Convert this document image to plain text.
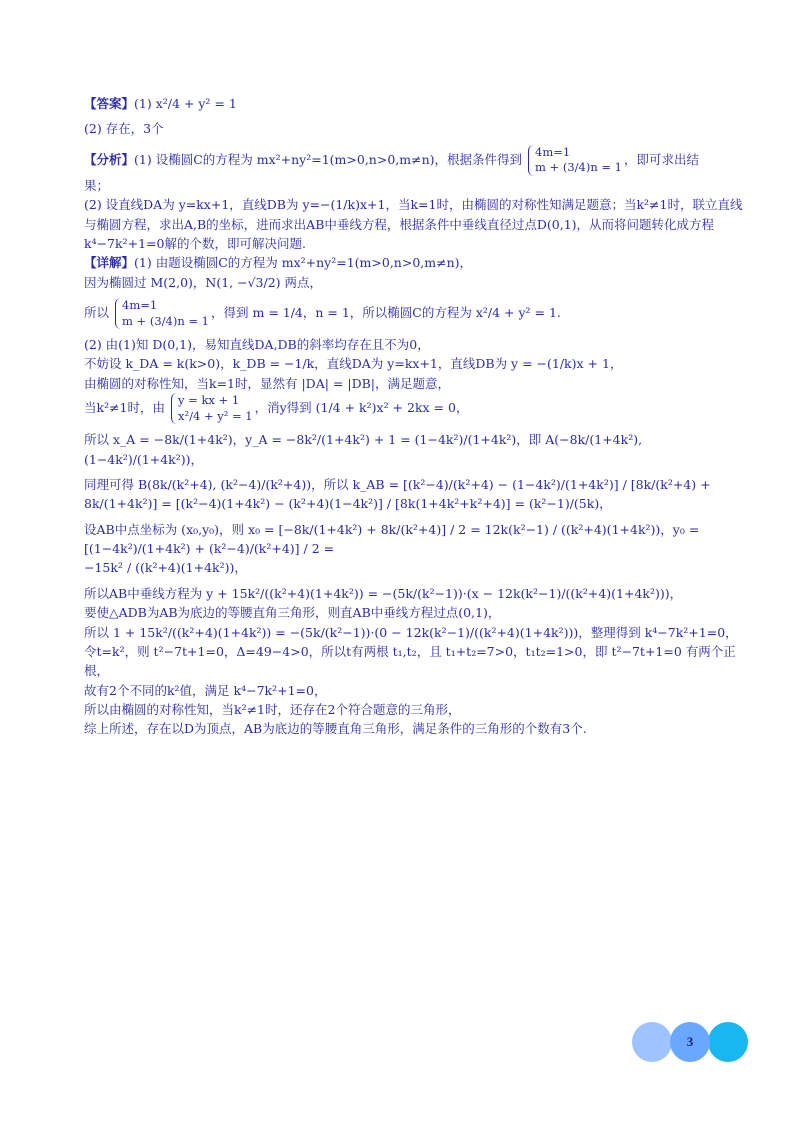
【答案】(1) x²/4 + y² = 1

(2) 存在，3个

【分析】(1) 设椭圆C的方程为 mx²+ny²=1(m>0,n>0,m≠n)，根据条件得到
4m=1
m + (3/4)n = 1
，即可求出结

果；

(2) 设直线DA为 y=kx+1，直线DB为 y=−(1/k)x+1，当k=1时，由椭圆的对称性知满足题意；当k²≠1时，联立直线与椭圆方程，求出A,B的坐标，进而求出AB中垂线方程，根据条件中垂线直径过点D(0,1)，从而将问题转化成方程k⁴−7k²+1=0解的个数，即可解决问题.

【详解】(1) 由题设椭圆C的方程为 mx²+ny²=1(m>0,n>0,m≠n)，

因为椭圆过 M(2,0)，N(1, −√3/2) 两点，

所以
4m=1
m + (3/4)n = 1
，得到 m = 1/4，n = 1，所以椭圆C的方程为 x²/4 + y² = 1.

(2) 由(1)知 D(0,1)，易知直线DA,DB的斜率均存在且不为0，

不妨设 k_DA = k(k>0)，k_DB = −1/k，直线DA为 y=kx+1，直线DB为 y = −(1/k)x + 1，

由椭圆的对称性知，当k=1时，显然有 |DA| = |DB|，满足题意，

当k²≠1时，由
y = kx + 1
x²/4 + y² = 1
，消y得到 (1/4 + k²)x² + 2kx = 0，

所以 x_A = −8k/(1+4k²)，y_A = −8k²/(1+4k²) + 1 = (1−4k²)/(1+4k²)，即 A(−8k/(1+4k²), (1−4k²)/(1+4k²))，

同理可得 B(8k/(k²+4), (k²−4)/(k²+4))，所以 k_AB = [(k²−4)/(k²+4) − (1−4k²)/(1+4k²)] / [8k/(k²+4) + 8k/(1+4k²)] = [(k²−4)(1+4k²) − (k²+4)(1−4k²)] / [8k(1+4k²+k²+4)] = (k²−1)/(5k)，

设AB中点坐标为 (x₀,y₀)，则 x₀ = [−8k/(1+4k²) + 8k/(k²+4)] / 2 = 12k(k²−1) / ((k²+4)(1+4k²))，y₀ = [(1−4k²)/(1+4k²) + (k²−4)/(k²+4)] / 2 =

−15k² / ((k²+4)(1+4k²))，

所以AB中垂线方程为 y + 15k²/((k²+4)(1+4k²)) = −(5k/(k²−1))·(x − 12k(k²−1)/((k²+4)(1+4k²)))，

要使△ADB为AB为底边的等腰直角三角形，则直AB中垂线方程过点(0,1)，

所以 1 + 15k²/((k²+4)(1+4k²)) = −(5k/(k²−1))·(0 − 12k(k²−1)/((k²+4)(1+4k²)))，整理得到 k⁴−7k²+1=0，

令t=k²，则 t²−7t+1=0，Δ=49−4>0，所以t有两根 t₁,t₂，且 t₁+t₂=7>0，t₁t₂=1>0，即 t²−7t+1=0 有两个正根，

故有2个不同的k²值，满足 k⁴−7k²+1=0，

所以由椭圆的对称性知，当k²≠1时，还存在2个符合题意的三角形，

综上所述，存在以D为顶点，AB为底边的等腰直角三角形，满足条件的三角形的个数有3个.

3
